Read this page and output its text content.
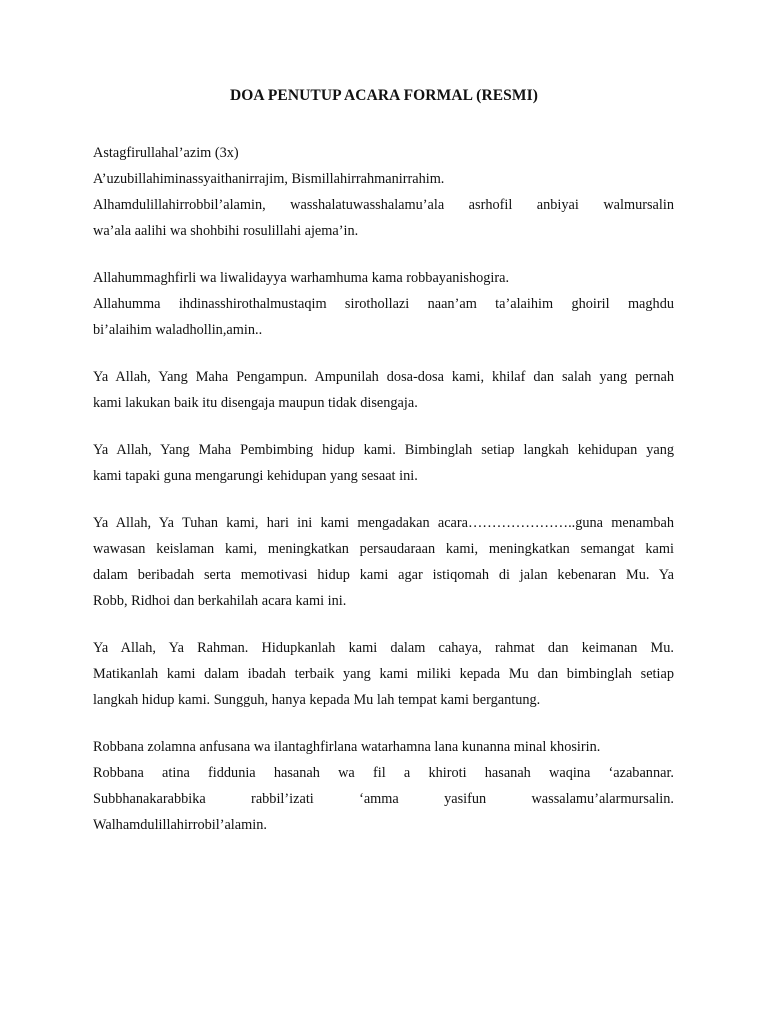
DOA PENUTUP ACARA FORMAL (RESMI)

Astagfirullahal’azim (3x)

A’uzubillahiminassyaithanirrajim, Bismillahirrahmanirrahim.

Alhamdulillahirrobbil’alamin, wasshalatuwasshalamu’ala asrhofil anbiyai walmursalin

wa’ala aalihi wa shohbihi rosulillahi ajema’in.

Allahummaghfirli wa liwalidayya warhamhuma kama robbayanishogira.

Allahumma ihdinasshirothalmustaqim sirothollazi naan’am ta’alaihim ghoiril maghdu

bi’alaihim waladhollin,amin..

Ya Allah, Yang Maha Pengampun. Ampunilah dosa-dosa kami, khilaf dan salah yang pernah

kami lakukan baik itu disengaja maupun tidak disengaja.

Ya Allah, Yang Maha Pembimbing hidup kami. Bimbinglah setiap langkah kehidupan yang

kami tapaki guna mengarungi kehidupan yang sesaat ini.

Ya Allah, Ya Tuhan kami, hari ini kami mengadakan acara…………………..guna menambah

wawasan keislaman kami, meningkatkan persaudaraan kami, meningkatkan semangat kami

dalam beribadah serta memotivasi hidup kami agar istiqomah di jalan kebenaran Mu. Ya

Robb, Ridhoi dan berkahilah acara kami ini.

Ya Allah, Ya Rahman. Hidupkanlah kami dalam cahaya, rahmat dan keimanan Mu.

Matikanlah kami dalam ibadah terbaik yang kami miliki kepada Mu dan bimbinglah setiap

langkah hidup kami. Sungguh, hanya kepada Mu lah tempat kami bergantung.

Robbana zolamna anfusana wa ilantaghfirlana watarhamna lana kunanna minal khosirin.

Robbana atina fiddunia hasanah wa fil a khiroti hasanah waqina ‘azabannar.

Subbhanakarabbika rabbil’izati ‘amma yasifun wassalamu’alarmursalin.

Walhamdulillahirrobil’alamin.
